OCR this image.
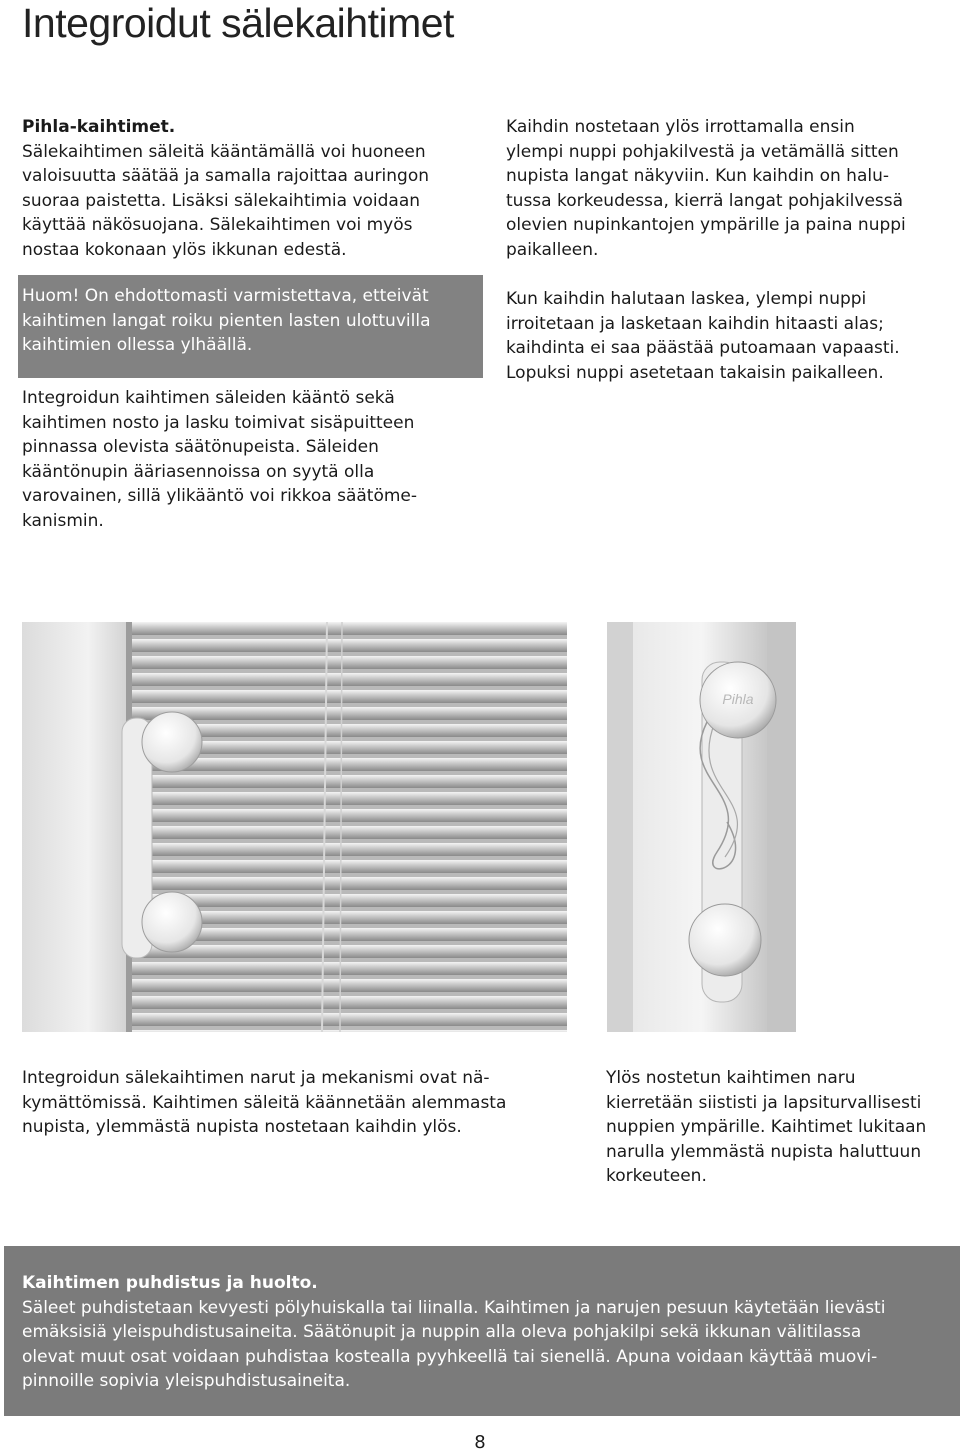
Integroidut sälekaihtimet

Pihla-kaihtimet.

Sälekaihtimen säleitä kääntämällä voi huoneen

valoisuutta säätää ja samalla rajoittaa auringon

suoraa paistetta. Lisäksi sälekaihtimia voidaan

käyttää näkösuojana. Sälekaihtimen voi myös

nostaa kokonaan ylös ikkunan edestä.

Huom! On ehdottomasti varmistettava, etteivät

kaihtimen langat roiku pienten lasten ulottuvilla

kaihtimien ollessa ylhäällä.

Integroidun kaihtimen säleiden kääntö sekä

kaihtimen nosto ja lasku toimivat sisäpuitteen

pinnassa olevista säätönupeista. Säleiden

kääntönupin ääriasennoissa on syytä olla

varovainen, sillä ylikääntö voi rikkoa säätöme-

kanismin.

Kaihdin nostetaan ylös irrottamalla ensin

ylempi nuppi pohjakilvestä ja vetämällä sitten

nupista langat näkyviin. Kun kaihdin on halu-

tussa korkeudessa, kierrä langat pohjakilvessä

olevien nupinkantojen ympärille ja paina nuppi

paikalleen.

Kun kaihdin halutaan laskea, ylempi nuppi

irroitetaan ja lasketaan kaihdin hitaasti alas;

kaihdinta ei saa päästää putoamaan vapaasti.

Lopuksi nuppi asetetaan takaisin paikalleen.

Pihla

Integroidun sälekaihtimen narut ja mekanismi ovat nä-

kymättömissä. Kaihtimen säleitä käännetään alemmasta

nupista, ylemmästä nupista nostetaan kaihdin ylös.

Ylös nostetun kaihtimen naru

kierretään siististi ja lapsiturvallisesti

nuppien ympärille. Kaihtimet lukitaan

narulla ylemmästä nupista haluttuun

korkeuteen.

Kaihtimen puhdistus ja huolto.

Säleet puhdistetaan kevyesti pölyhuiskalla tai liinalla. Kaihtimen ja narujen pesuun käytetään lievästi

emäksisiä yleispuhdistusaineita. Säätönupit ja nuppin alla oleva pohjakilpi sekä ikkunan välitilassa

olevat muut osat voidaan puhdistaa kostealla pyyhkeellä tai sienellä. Apuna voidaan käyttää muovi-

pinnoille sopivia yleispuhdistusaineita.

8
